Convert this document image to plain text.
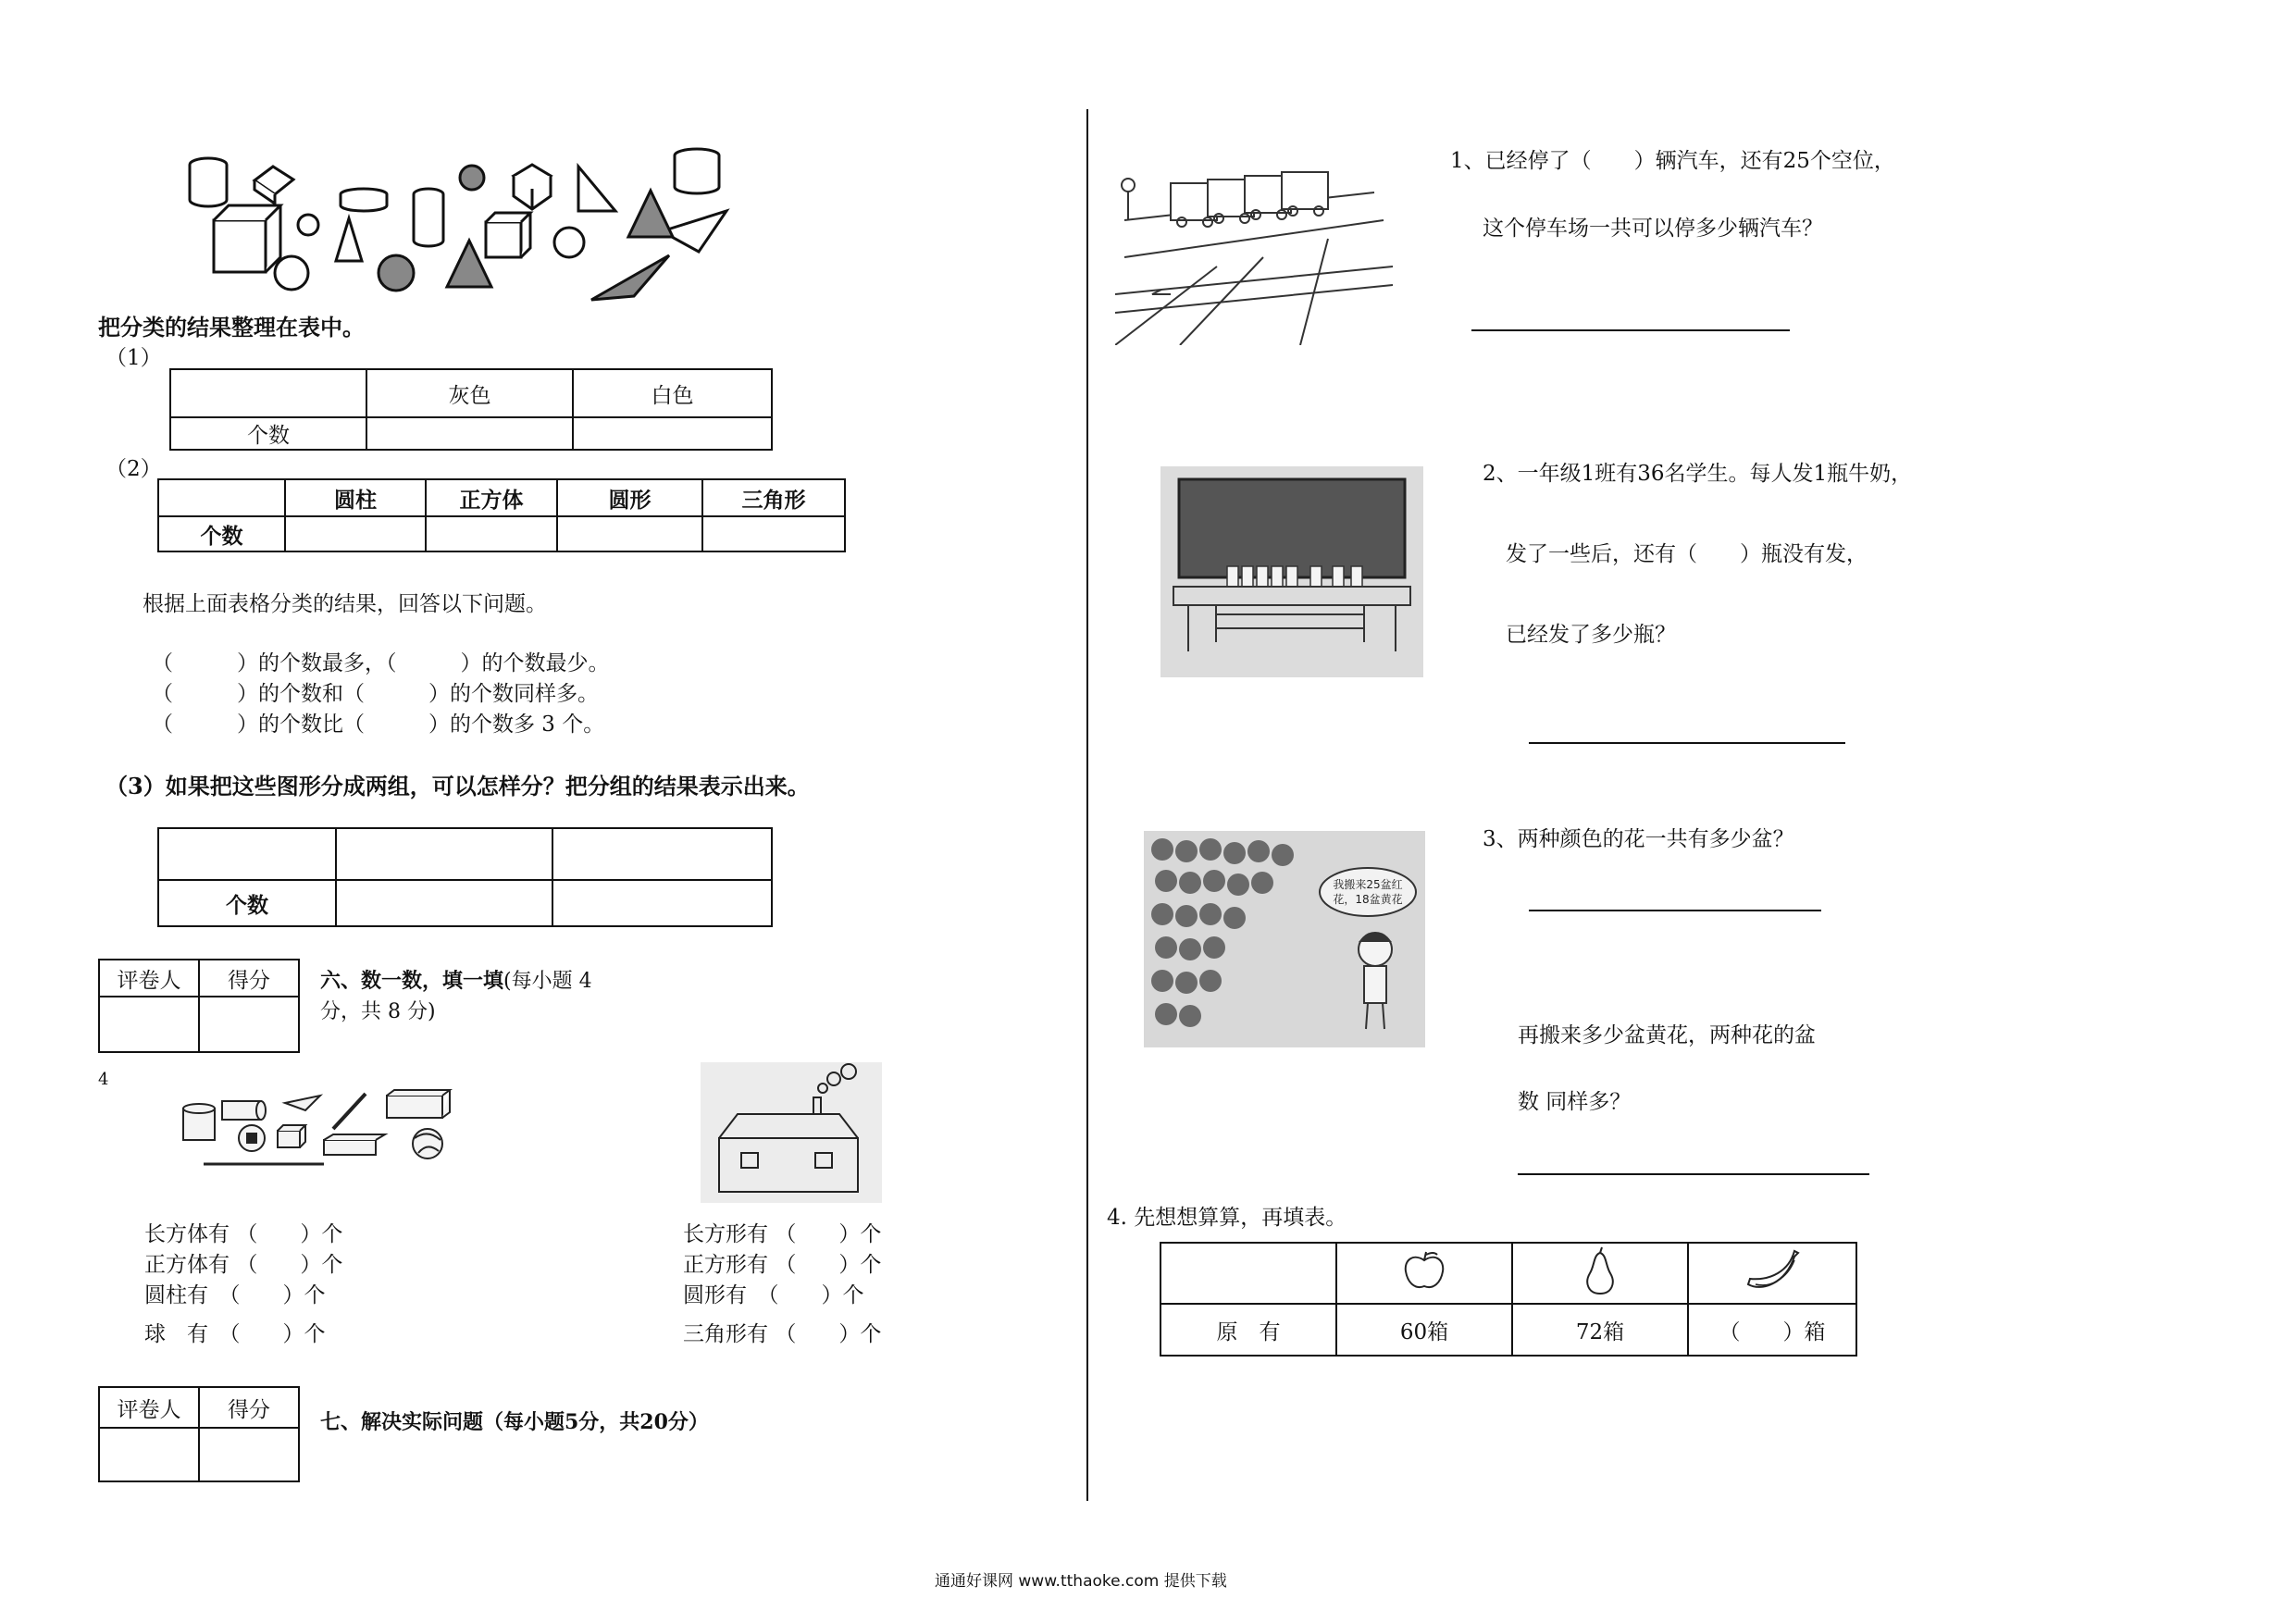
把分类的结果整理在表中。
（1）
	灰色	白色
个数		
（2）
	圆柱	正方体	圆形	三角形
个数				
根据上面表格分类的结果，回答以下问题。
（　　　）的个数最多，（　　　）的个数最少。
（　　　）的个数和（　　　）的个数同样多。
（　　　）的个数比（　　　）的个数多 3 个。
（3）如果把这些图形分成两组，可以怎样分？把分组的结果表示出来。

个数		
评卷人	得分
	六、数一数，填一填(每小题 4
分，共 8 分)
4
长方体有 （　　）个
正方体有 （　　）个
圆柱有　 （　　）个
球　有　 （　　）个
长方形有 （　　）个
正方形有 （　　）个
圆形有　 （　　）个
三角形有 （　　）个
评卷人	得分

七、解决实际问题（每小题5分，共20分）
1、已经停了（　　）辆汽车，还有25个空位，
这个停车场一共可以停多少辆汽车？
2、一年级1班有36名学生。每人发1瓶牛奶，
发了一些后，还有（　　）瓶没有发，
已经发了多少瓶？
我搬来25盆红
花，18盆黄花
3、两种颜色的花一共有多少盆？
再搬来多少盆黄花，两种花的盆
数 同样多？
4. 先想想算算，再填表。

原　有	60箱	72箱	（　　）箱
通通好课网 www.tthaoke.com 提供下载
